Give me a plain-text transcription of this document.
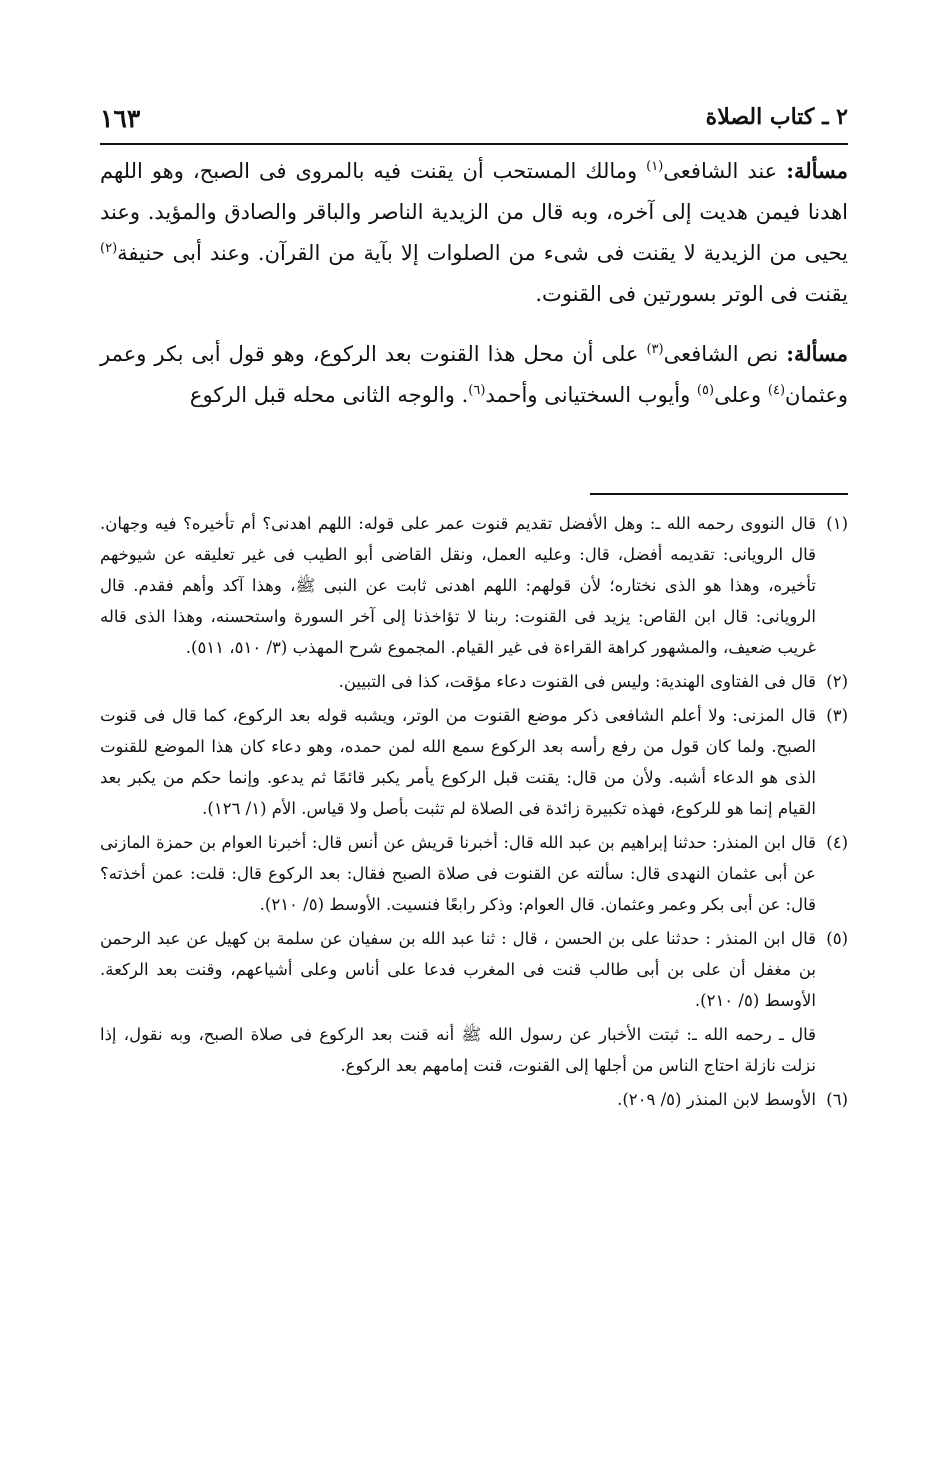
١٦٣	٢ ـ كتاب الصلاة

مسألة: عند الشافعى$^{(١)}$ ومالك المستحب أن يقنت فيه بالمروى فى الصبح، وهو اللهم اهدنا فيمن هديت إلى آخره، وبه قال من الزيدية الناصر والباقر والصادق والمؤيد. وعند يحيى من الزيدية لا يقنت فى شىء من الصلوات إلا بآية من القرآن. وعند أبى حنيفة$^{(٢)}$ يقنت فى الوتر بسورتين فى القنوت.

مسألة: نص الشافعى$^{(٣)}$ على أن محل هذا القنوت بعد الركوع، وهو قول أبى بكر وعمر وعثمان$^{(٤)}$ وعلى$^{(٥)}$ وأيوب السختيانى وأحمد$^{(٦)}$. والوجه الثانى محله قبل الركوع

(١)
قال النووى رحمه الله ـ: وهل الأفضل تقديم قنوت عمر على قوله: اللهم اهدنى؟ أم تأخيره؟ فيه وجهان. قال الرويانى: تقديمه أفضل، قال: وعليه العمل، ونقل القاضى أبو الطيب فى غير تعليقه عن شيوخهم تأخيره، وهذا هو الذى نختاره؛ لأن قولهم: اللهم اهدنى ثابت عن النبى ﷺ، وهذا آكد وأهم فقدم. قال الرويانى: قال ابن القاص: يزيد فى القنوت: ربنا لا تؤاخذنا إلى آخر السورة واستحسنه، وهذا الذى قاله غريب ضعيف، والمشهور كراهة القراءة فى غير القيام. المجموع شرح المهذب (٣/ ٥١٠، ٥١١).
(٢)
قال فى الفتاوى الهندية: وليس فى القنوت دعاء مؤقت، كذا فى التبيين.
(٣)
قال المزنى: ولا أعلم الشافعى ذكر موضع القنوت من الوتر، ويشبه قوله بعد الركوع، كما قال فى قنوت الصبح. ولما كان قول من رفع رأسه بعد الركوع سمع الله لمن حمده، وهو دعاء كان هذا الموضع للقنوت الذى هو الدعاء أشبه. ولأن من قال: يقنت قبل الركوع يأمر يكبر قائمًا ثم يدعو. وإنما حكم من يكبر بعد القيام إنما هو للركوع، فهذه تكبيرة زائدة فى الصلاة لم تثبت بأصل ولا قياس. الأم (١/ ١٢٦).
(٤)
قال ابن المنذر: حدثنا إبراهيم بن عبد الله قال: أخبرنا قريش عن أنس قال: أخبرنا العوام بن حمزة المازنى عن أبى عثمان النهدى قال: سألته عن القنوت فى صلاة الصبح فقال: بعد الركوع قال: قلت: عمن أخذته؟ قال: عن أبى بكر وعمر وعثمان. قال العوام: وذكر رابعًا فنسيت. الأوسط (٥/ ٢١٠).
(٥)
قال ابن المنذر : حدثنا على بن الحسن ، قال : ثنا عبد الله بن سفيان عن سلمة بن كهيل عن عبد الرحمن بن مغفل أن على بن أبى طالب قنت فى المغرب فدعا على أناس وعلى أشياعهم، وقنت بعد الركعة. الأوسط (٥/ ٢١٠).
قال ـ رحمه الله ـ: ثبتت الأخبار عن رسول الله ﷺ أنه قنت بعد الركوع فى صلاة الصبح، وبه نقول، إذا نزلت نازلة احتاج الناس من أجلها إلى القنوت، قنت إمامهم بعد الركوع.
(٦)
الأوسط لابن المنذر (٥/ ٢٠٩).
